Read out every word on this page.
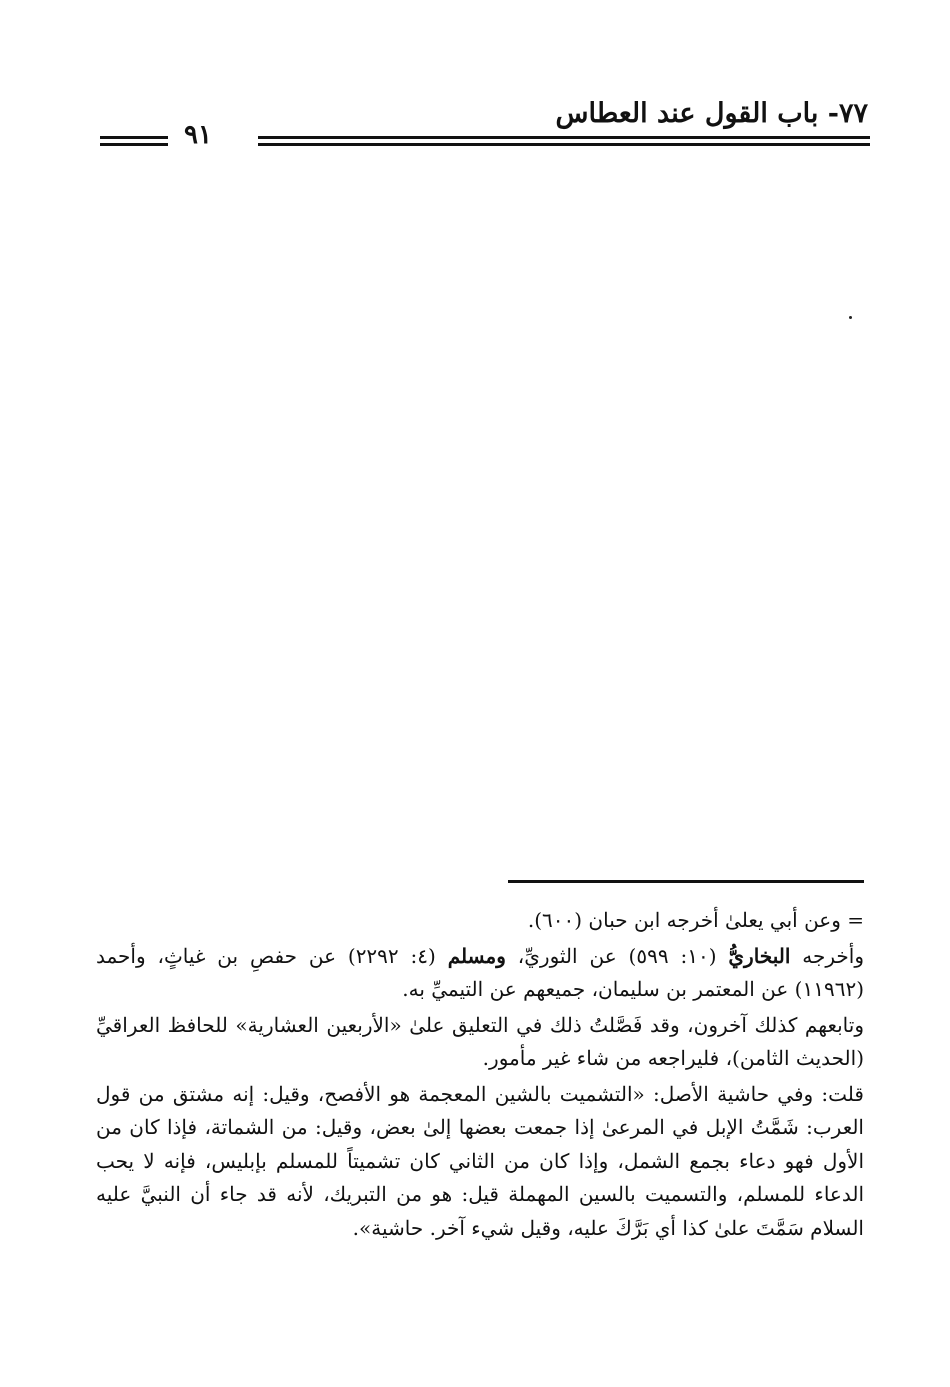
٧٧- باب القول عند العطاس
٩١

= وعن أبي يعلىٰ أخرجه ابن حبان (٦٠٠).

وأخرجه البخاريُّ (١٠: ٥٩٩) عن الثوريِّ، ومسلم (٤: ٢٢٩٢) عن حفصِ بن غياثٍ، وأحمد (١١٩٦٢) عن المعتمر بن سليمان، جميعهم عن التيميِّ به.

وتابعهم كذلك آخرون، وقد فَصَّلتُ ذلك في التعليق علىٰ «الأربعين العشارية» للحافظ العراقيِّ (الحديث الثامن)، فليراجعه من شاء غير مأمور.

قلت: وفي حاشية الأصل: «التشميت بالشين المعجمة هو الأفصح، وقيل: إنه مشتق من قول العرب: شَمَّتُ الإبل في المرعىٰ إذا جمعت بعضها إلىٰ بعض، وقيل: من الشماتة، فإذا كان من الأول فهو دعاء بجمع الشمل، وإذا كان من الثاني كان تشميتاً للمسلم بإبليس، فإنه لا يحب الدعاء للمسلم، والتسميت بالسين المهملة قيل: هو من التبريك، لأنه قد جاء أن النبيَّ عليه السلام سَمَّتَ علىٰ كذا أي بَرَّكَ عليه، وقيل شيء آخر. حاشية».
